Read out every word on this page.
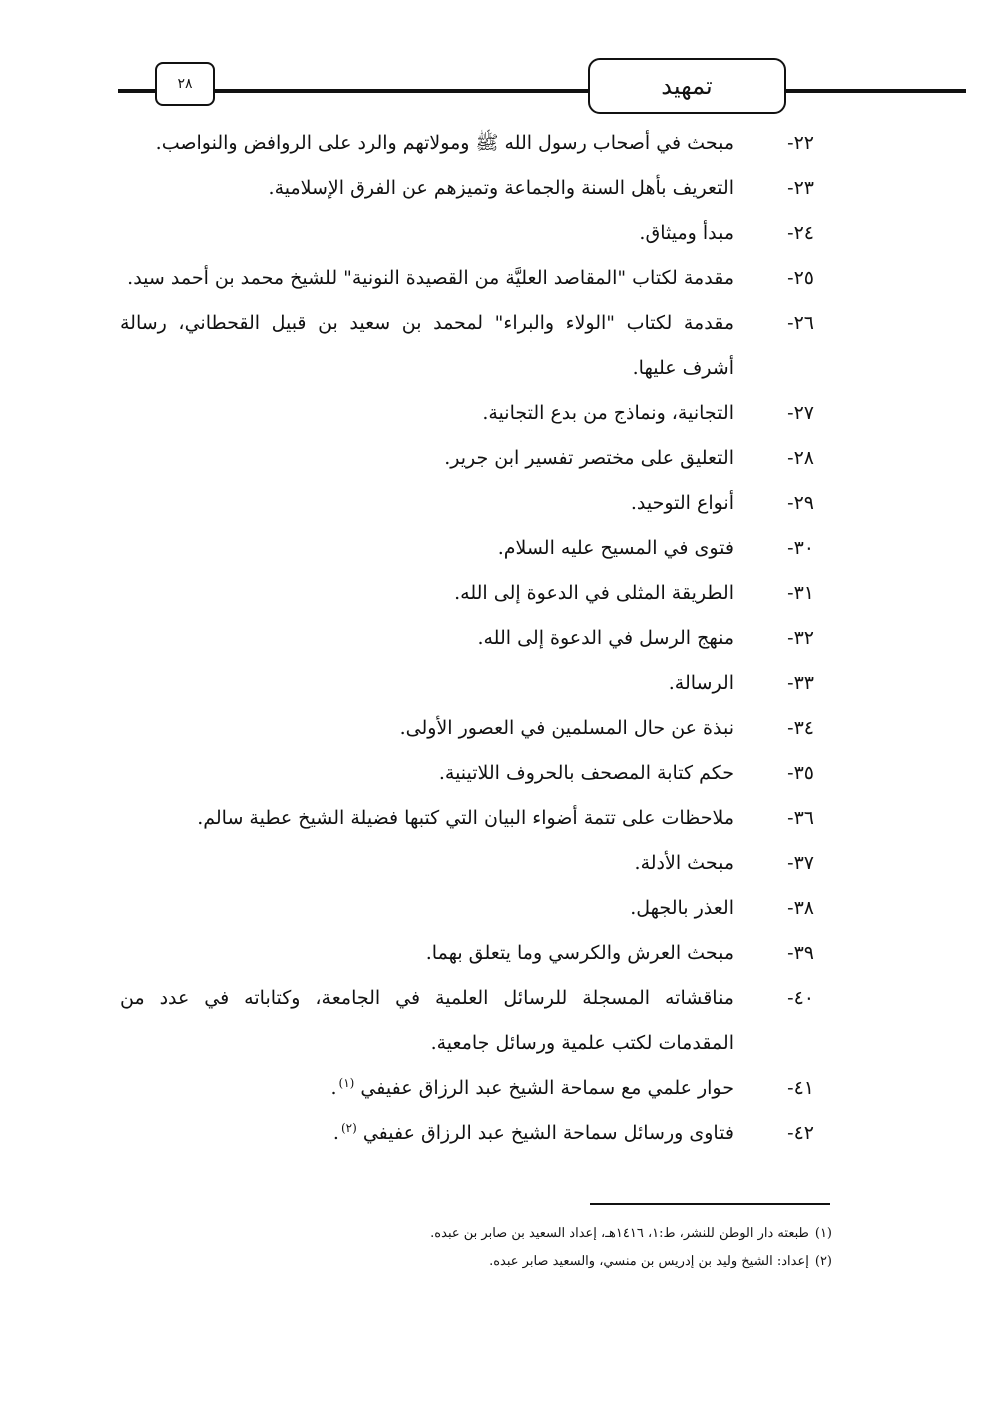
٢٨	تمهيد
٢٢-
مبحث في أصحاب رسول الله ﷺ ومولاتهم والرد على الروافض والنواصب.
٢٣-
التعريف بأهل السنة والجماعة وتميزهم عن الفرق الإسلامية.
٢٤-
مبدأ وميثاق.
٢٥-
مقدمة لكتاب "المقاصد العليَّة من القصيدة النونية" للشيخ محمد بن أحمد سيد.
٢٦-
مقدمة لكتاب "الولاء والبراء" لمحمد بن سعيد بن قبيل القحطاني، رسالة أشرف عليها.
٢٧-
التجانية، ونماذج من بدع التجانية.
٢٨-
التعليق على مختصر تفسير ابن جرير.
٢٩-
أنواع التوحيد.
٣٠-
فتوى في المسيح عليه السلام.
٣١-
الطريقة المثلى في الدعوة إلى الله.
٣٢-
منهج الرسل في الدعوة إلى الله.
٣٣-
الرسالة.
٣٤-
نبذة عن حال المسلمين في العصور الأولى.
٣٥-
حكم كتابة المصحف بالحروف اللاتينية.
٣٦-
ملاحظات على تتمة أضواء البيان التي كتبها فضيلة الشيخ عطية سالم.
٣٧-
مبحث الأدلة.
٣٨-
العذر بالجهل.
٣٩-
مبحث العرش والكرسي وما يتعلق بهما.
٤٠-
مناقشاته المسجلة للرسائل العلمية في الجامعة، وكتاباته في عدد من المقدمات لكتب علمية ورسائل جامعية.
٤١-
حوار علمي مع سماحة الشيخ عبد الرزاق عفيفي $^{(١)}$.
٤٢-
فتاوى ورسائل سماحة الشيخ عبد الرزاق عفيفي $^{(٢)}$.
(١)طبعته دار الوطن للنشر، ط:١، ١٤١٦هـ، إعداد السعيد بن صابر بن عبده.
(٢)إعداد: الشيخ وليد بن إدريس بن منسي، والسعيد صابر عبده.
